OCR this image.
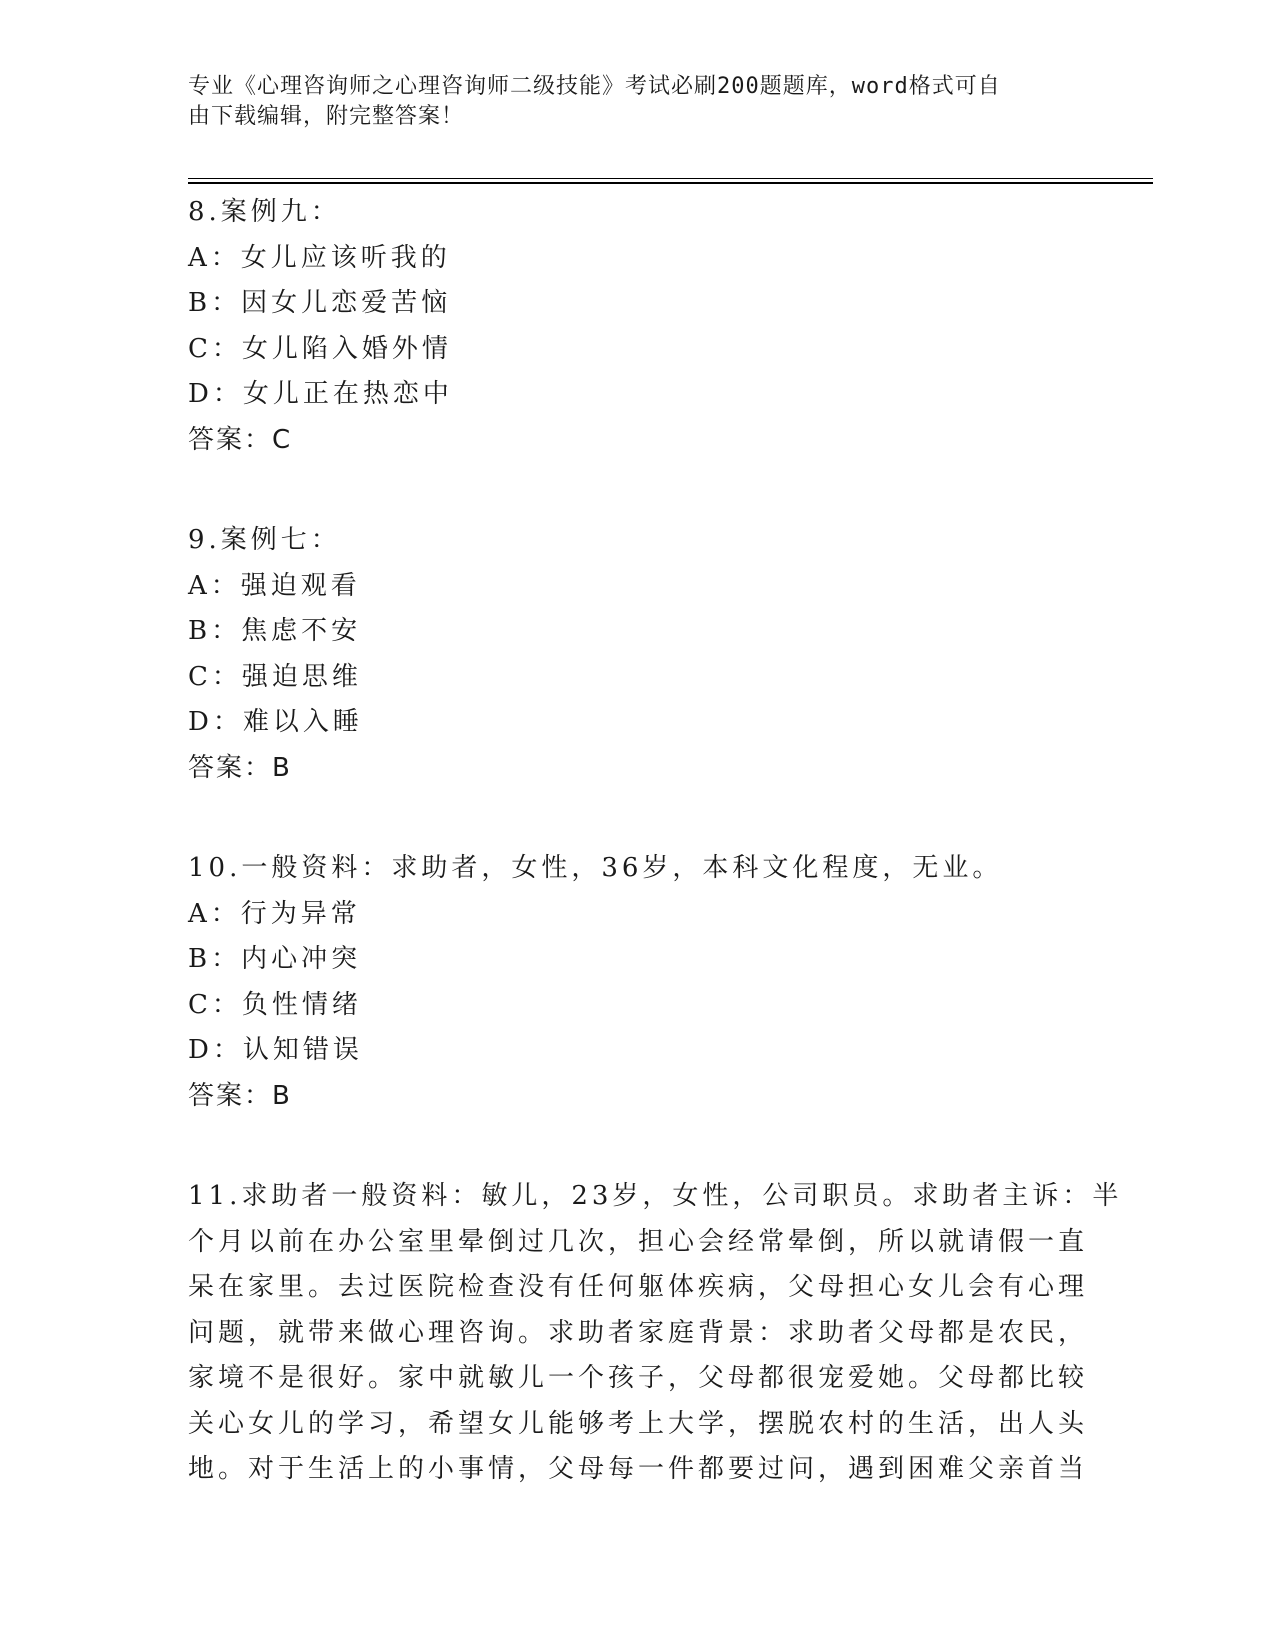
专业《心理咨询师之心理咨询师二级技能》考试必刷200题题库，word格式可自
由下载编辑，附完整答案！
8.案例九：
A：女儿应该听我的
B：因女儿恋爱苦恼
C：女儿陷入婚外情
D：女儿正在热恋中
答案：C
9.案例七：
A：强迫观看
B：焦虑不安
C：强迫思维
D：难以入睡
答案：B
10.一般资料：求助者，女性，36岁，本科文化程度，无业。
A：行为异常
B：内心冲突
C：负性情绪
D：认知错误
答案：B
11.求助者一般资料：敏儿，23岁，女性，公司职员。求助者主诉：半
个月以前在办公室里晕倒过几次，担心会经常晕倒，所以就请假一直
呆在家里。去过医院检查没有任何躯体疾病，父母担心女儿会有心理
问题，就带来做心理咨询。求助者家庭背景：求助者父母都是农民，
家境不是很好。家中就敏儿一个孩子，父母都很宠爱她。父母都比较
关心女儿的学习，希望女儿能够考上大学，摆脱农村的生活，出人头
地。对于生活上的小事情，父母每一件都要过问，遇到困难父亲首当
